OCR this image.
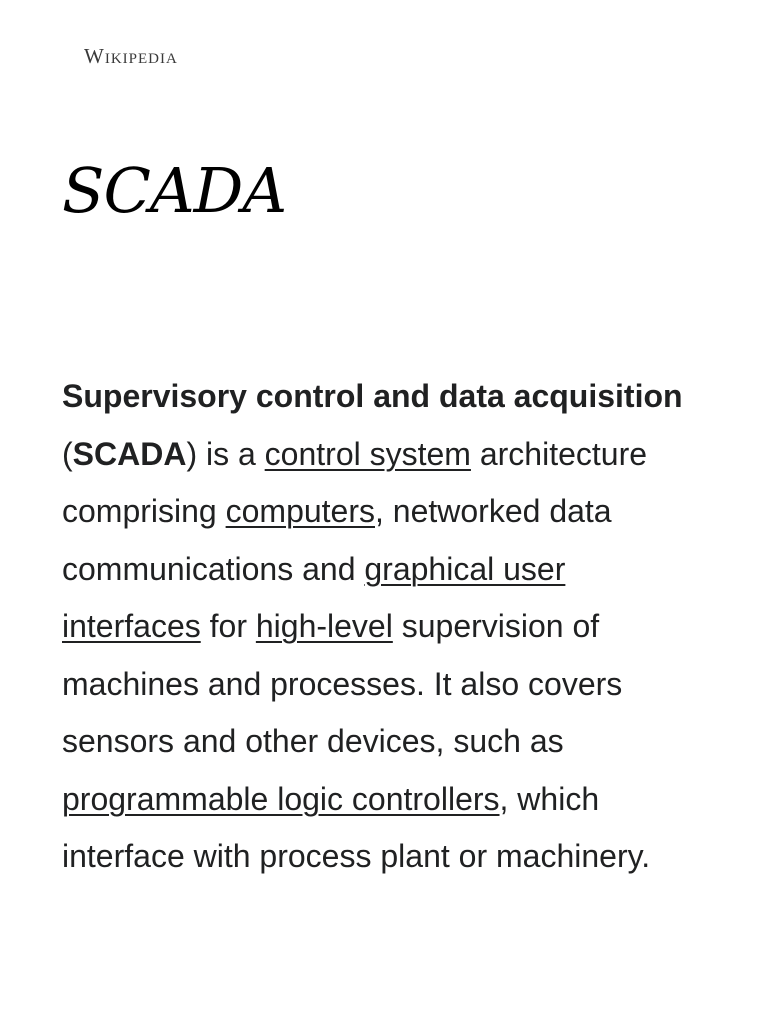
Wikipedia
SCADA

Supervisory control and data acquisition (SCADA) is a control system architecture comprising computers, networked data communications and graphical user interfaces for high-level supervision of machines and processes. It also covers sensors and other devices, such as programmable logic controllers, which interface with process plant or machinery.
